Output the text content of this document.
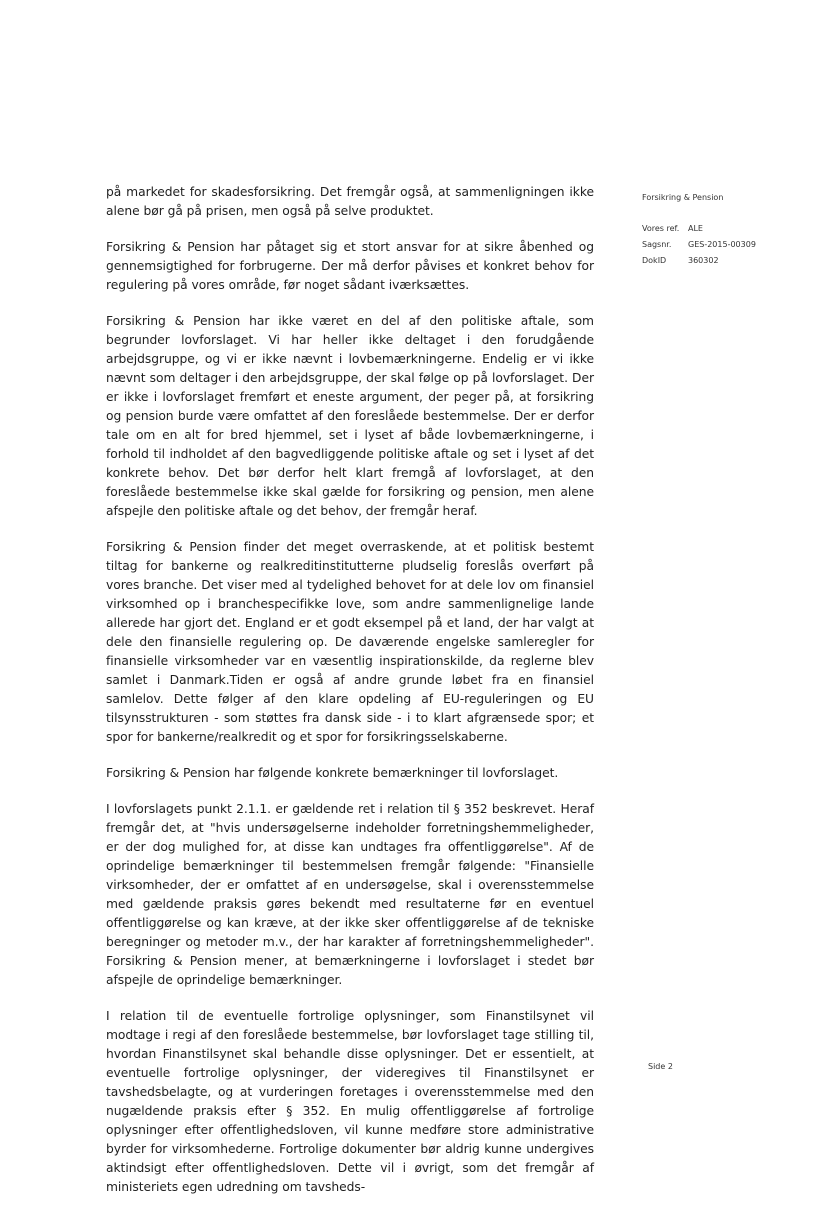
på markedet for skadesforsikring. Det fremgår også, at sammenligningen ikke alene bør gå på prisen, men også på selve produktet.

Forsikring & Pension har påtaget sig et stort ansvar for at sikre åbenhed og gennemsigtighed for forbrugerne. Der må derfor påvises et konkret behov for regulering på vores område, før noget sådant iværksættes.

Forsikring & Pension har ikke været en del af den politiske aftale, som begrunder lovforslaget. Vi har heller ikke deltaget i den forudgående arbejdsgruppe, og vi er ikke nævnt i lovbemærkningerne. Endelig er vi ikke nævnt som deltager i den arbejdsgruppe, der skal følge op på lovforslaget. Der er ikke i lovforslaget fremført et eneste argument, der peger på, at forsikring og pension burde være omfattet af den foreslåede bestemmelse. Der er derfor tale om en alt for bred hjemmel, set i lyset af både lovbemærkningerne, i forhold til indholdet af den bagvedliggende politiske aftale og set i lyset af det konkrete behov. Det bør derfor helt klart fremgå af lovforslaget, at den foreslåede bestemmelse ikke skal gælde for forsikring og pension, men alene afspejle den politiske aftale og det behov, der fremgår heraf.

Forsikring & Pension finder det meget overraskende, at et politisk bestemt tiltag for bankerne og realkreditinstitutterne pludselig foreslås overført på vores branche. Det viser med al tydelighed behovet for at dele lov om finansiel virksomhed op i branchespecifikke love, som andre sammenlignelige lande allerede har gjort det. England er et godt eksempel på et land, der har valgt at dele den finansielle regulering op. De daværende engelske samleregler for finansielle virksomheder var en væsentlig inspirationskilde, da reglerne blev samlet i Danmark.Tiden er også af andre grunde løbet fra en finansiel samlelov. Dette følger af den klare opdeling af EU-reguleringen og EU tilsynsstrukturen - som støttes fra dansk side - i to klart afgrænsede spor; et spor for bankerne/realkredit og et spor for forsikringsselskaberne.

Forsikring & Pension har følgende konkrete bemærkninger til lovforslaget.

I lovforslagets punkt 2.1.1. er gældende ret i relation til § 352 beskrevet. Heraf fremgår det, at "hvis undersøgelserne indeholder forretningshemmeligheder, er der dog mulighed for, at disse kan undtages fra offentliggørelse". Af de oprindelige bemærkninger til bestemmelsen fremgår følgende: "Finansielle virksomheder, der er omfattet af en undersøgelse, skal i overensstemmelse med gældende praksis gøres bekendt med resultaterne før en eventuel offentliggørelse og kan kræve, at der ikke sker offentliggørelse af de tekniske beregninger og metoder m.v., der har karakter af forretningshemmeligheder". Forsikring & Pension mener, at bemærkningerne i lovforslaget i stedet bør afspejle de oprindelige bemærkninger.

I relation til de eventuelle fortrolige oplysninger, som Finanstilsynet vil modtage i regi af den foreslåede bestemmelse, bør lovforslaget tage stilling til, hvordan Finanstilsynet skal behandle disse oplysninger. Det er essentielt, at eventuelle fortrolige oplysninger, der videregives til Finanstilsynet er tavshedsbelagte, og at vurderingen foretages i overensstemmelse med den nugældende praksis efter § 352. En mulig offentliggørelse af fortrolige oplysninger efter offentlighedsloven, vil kunne medføre store administrative byrder for virksomhederne. Fortrolige dokumenter bør aldrig kunne undergives aktindsigt efter offentlighedsloven. Dette vil i øvrigt, som det fremgår af ministeriets egen udredning om tavsheds-

Forsikring & Pension
Vores ref.	ALE
Sagsnr.	GES-2015-00309
DokID	360302
Side 2
